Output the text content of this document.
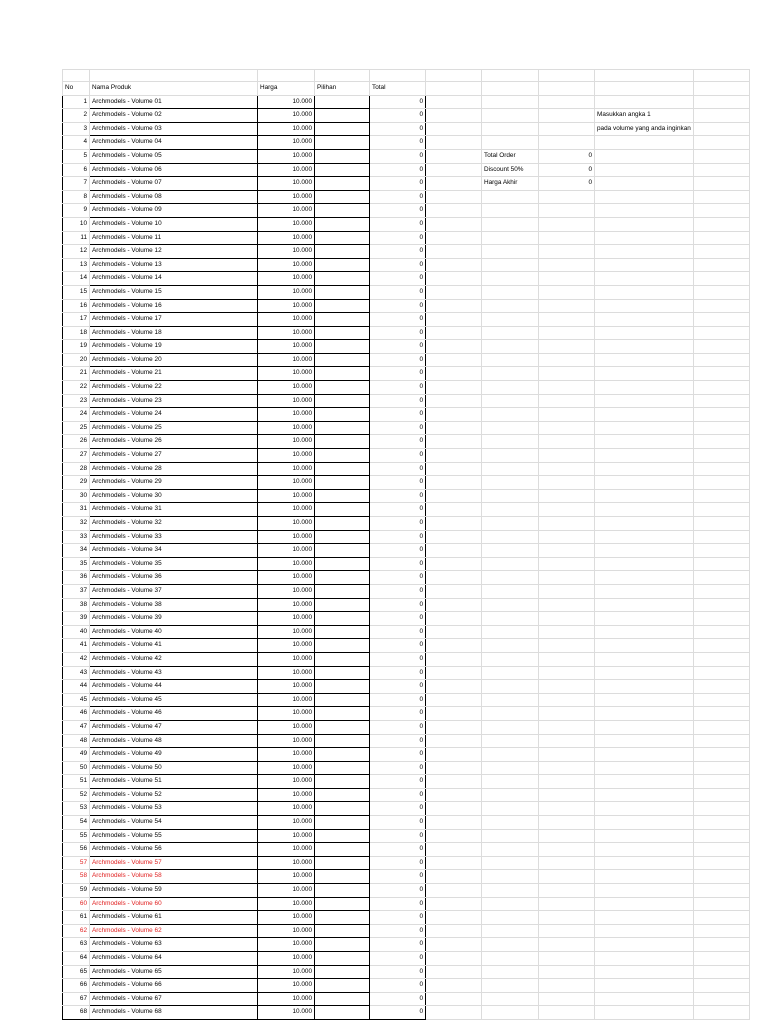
No	Nama Produk	Harga	Pilihan	Total					
1	Archmodels - Volume 01	10.000		0					
2	Archmodels - Volume 02	10.000		0				Masukkan angka 1	
3	Archmodels - Volume 03	10.000		0				pada volume yang anda inginkan	
4	Archmodels - Volume 04	10.000		0					
5	Archmodels - Volume 05	10.000		0		Total Order	0		
6	Archmodels - Volume 06	10.000		0		Discount 50%	0		
7	Archmodels - Volume 07	10.000		0		Harga Akhir	0		
8	Archmodels - Volume 08	10.000		0					
9	Archmodels - Volume 09	10.000		0					
10	Archmodels - Volume 10	10.000		0					
11	Archmodels - Volume 11	10.000		0					
12	Archmodels - Volume 12	10.000		0					
13	Archmodels - Volume 13	10.000		0					
14	Archmodels - Volume 14	10.000		0					
15	Archmodels - Volume 15	10.000		0					
16	Archmodels - Volume 16	10.000		0					
17	Archmodels - Volume 17	10.000		0					
18	Archmodels - Volume 18	10.000		0					
19	Archmodels - Volume 19	10.000		0					
20	Archmodels - Volume 20	10.000		0					
21	Archmodels - Volume 21	10.000		0					
22	Archmodels - Volume 22	10.000		0					
23	Archmodels - Volume 23	10.000		0					
24	Archmodels - Volume 24	10.000		0					
25	Archmodels - Volume 25	10.000		0					
26	Archmodels - Volume 26	10.000		0					
27	Archmodels - Volume 27	10.000		0					
28	Archmodels - Volume 28	10.000		0					
29	Archmodels - Volume 29	10.000		0					
30	Archmodels - Volume 30	10.000		0					
31	Archmodels - Volume 31	10.000		0					
32	Archmodels - Volume 32	10.000		0					
33	Archmodels - Volume 33	10.000		0					
34	Archmodels - Volume 34	10.000		0					
35	Archmodels - Volume 35	10.000		0					
36	Archmodels - Volume 36	10.000		0					
37	Archmodels - Volume 37	10.000		0					
38	Archmodels - Volume 38	10.000		0					
39	Archmodels - Volume 39	10.000		0					
40	Archmodels - Volume 40	10.000		0					
41	Archmodels - Volume 41	10.000		0					
42	Archmodels - Volume 42	10.000		0					
43	Archmodels - Volume 43	10.000		0					
44	Archmodels - Volume 44	10.000		0					
45	Archmodels - Volume 45	10.000		0					
46	Archmodels - Volume 46	10.000		0					
47	Archmodels - Volume 47	10.000		0					
48	Archmodels - Volume 48	10.000		0					
49	Archmodels - Volume 49	10.000		0					
50	Archmodels - Volume 50	10.000		0					
51	Archmodels - Volume 51	10.000		0					
52	Archmodels - Volume 52	10.000		0					
53	Archmodels - Volume 53	10.000		0					
54	Archmodels - Volume 54	10.000		0					
55	Archmodels - Volume 55	10.000		0					
56	Archmodels - Volume 56	10.000		0					
57	Archmodels - Volume 57	10.000		0					
58	Archmodels - Volume 58	10.000		0					
59	Archmodels - Volume 59	10.000		0					
60	Archmodels - Volume 60	10.000		0					
61	Archmodels - Volume 61	10.000		0					
62	Archmodels - Volume 62	10.000		0					
63	Archmodels - Volume 63	10.000		0					
64	Archmodels - Volume 64	10.000		0					
65	Archmodels - Volume 65	10.000		0					
66	Archmodels - Volume 66	10.000		0					
67	Archmodels - Volume 67	10.000		0					
68	Archmodels - Volume 68	10.000		0					
